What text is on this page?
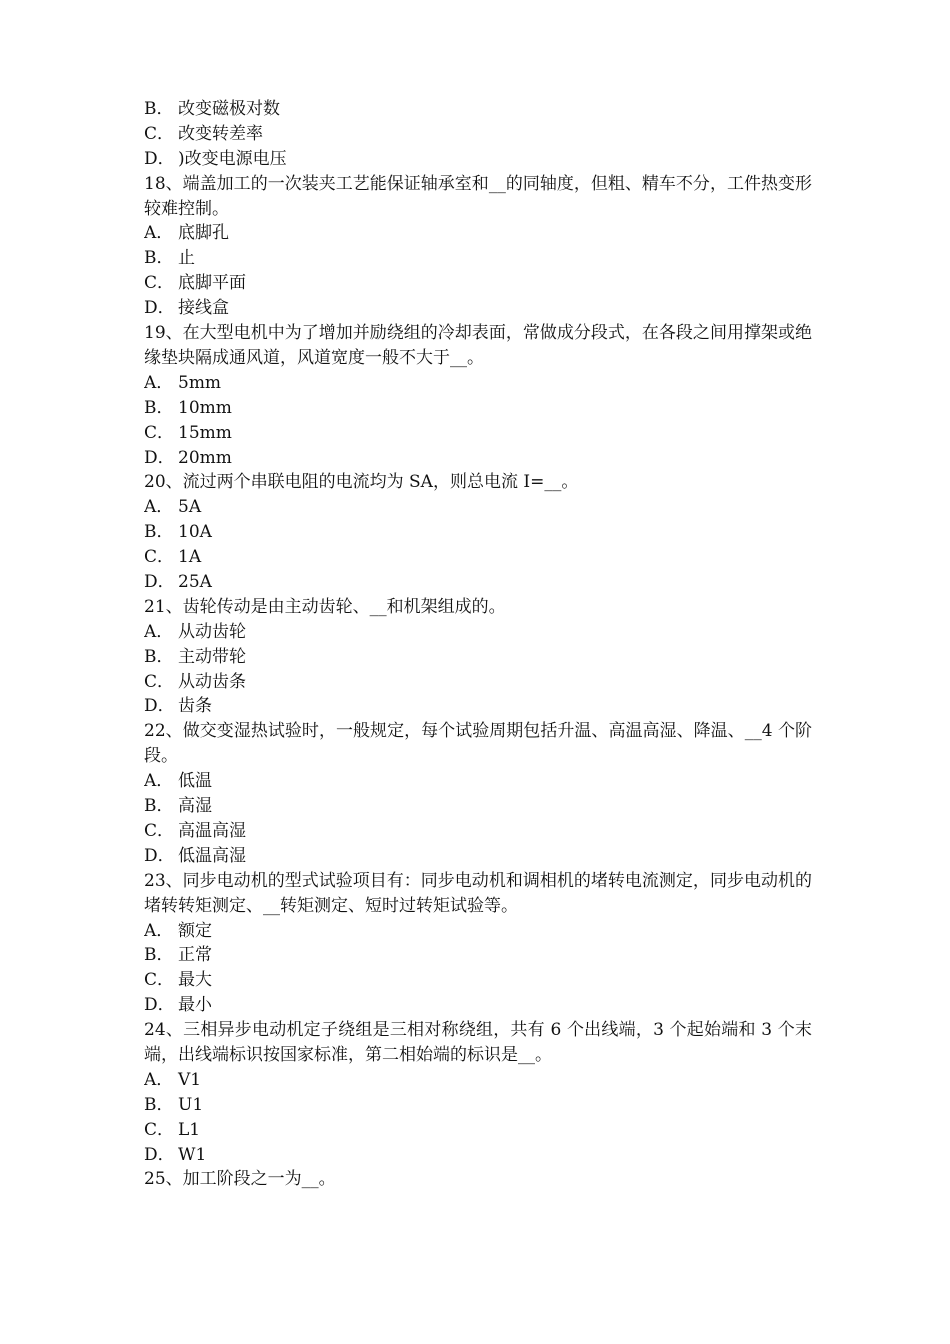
B． 改变磁极对数
C． 改变转差率
D． )改变电源电压
18、端盖加工的一次装夹工艺能保证轴承室和__的同轴度，但粗、精车不分，工件热变形较难控制。
A． 底脚孔
B． 止
C． 底脚平面
D． 接线盒
19、在大型电机中为了增加并励绕组的冷却表面，常做成分段式，在各段之间用撑架或绝缘垫块隔成通风道，风道宽度一般不大于__。
A． 5mm
B． 10mm
C． 15mm
D． 20mm
20、流过两个串联电阻的电流均为 SA，则总电流 I=__。
A． 5A
B． 10A
C． 1A
D． 25A
21、齿轮传动是由主动齿轮、__和机架组成的。
A． 从动齿轮
B． 主动带轮
C． 从动齿条
D． 齿条
22、做交变湿热试验时，一般规定，每个试验周期包括升温、高温高湿、降温、__4 个阶段。
A． 低温
B． 高湿
C． 高温高湿
D． 低温高湿
23、同步电动机的型式试验项目有：同步电动机和调相机的堵转电流测定，同步电动机的堵转转矩测定、__转矩测定、短时过转矩试验等。
A． 额定
B． 正常
C． 最大
D． 最小
24、三相异步电动机定子绕组是三相对称绕组，共有 6 个出线端，3 个起始端和 3 个末端，出线端标识按国家标准，第二相始端的标识是__。
A． V1
B． U1
C． L1
D． W1
25、加工阶段之一为__。
